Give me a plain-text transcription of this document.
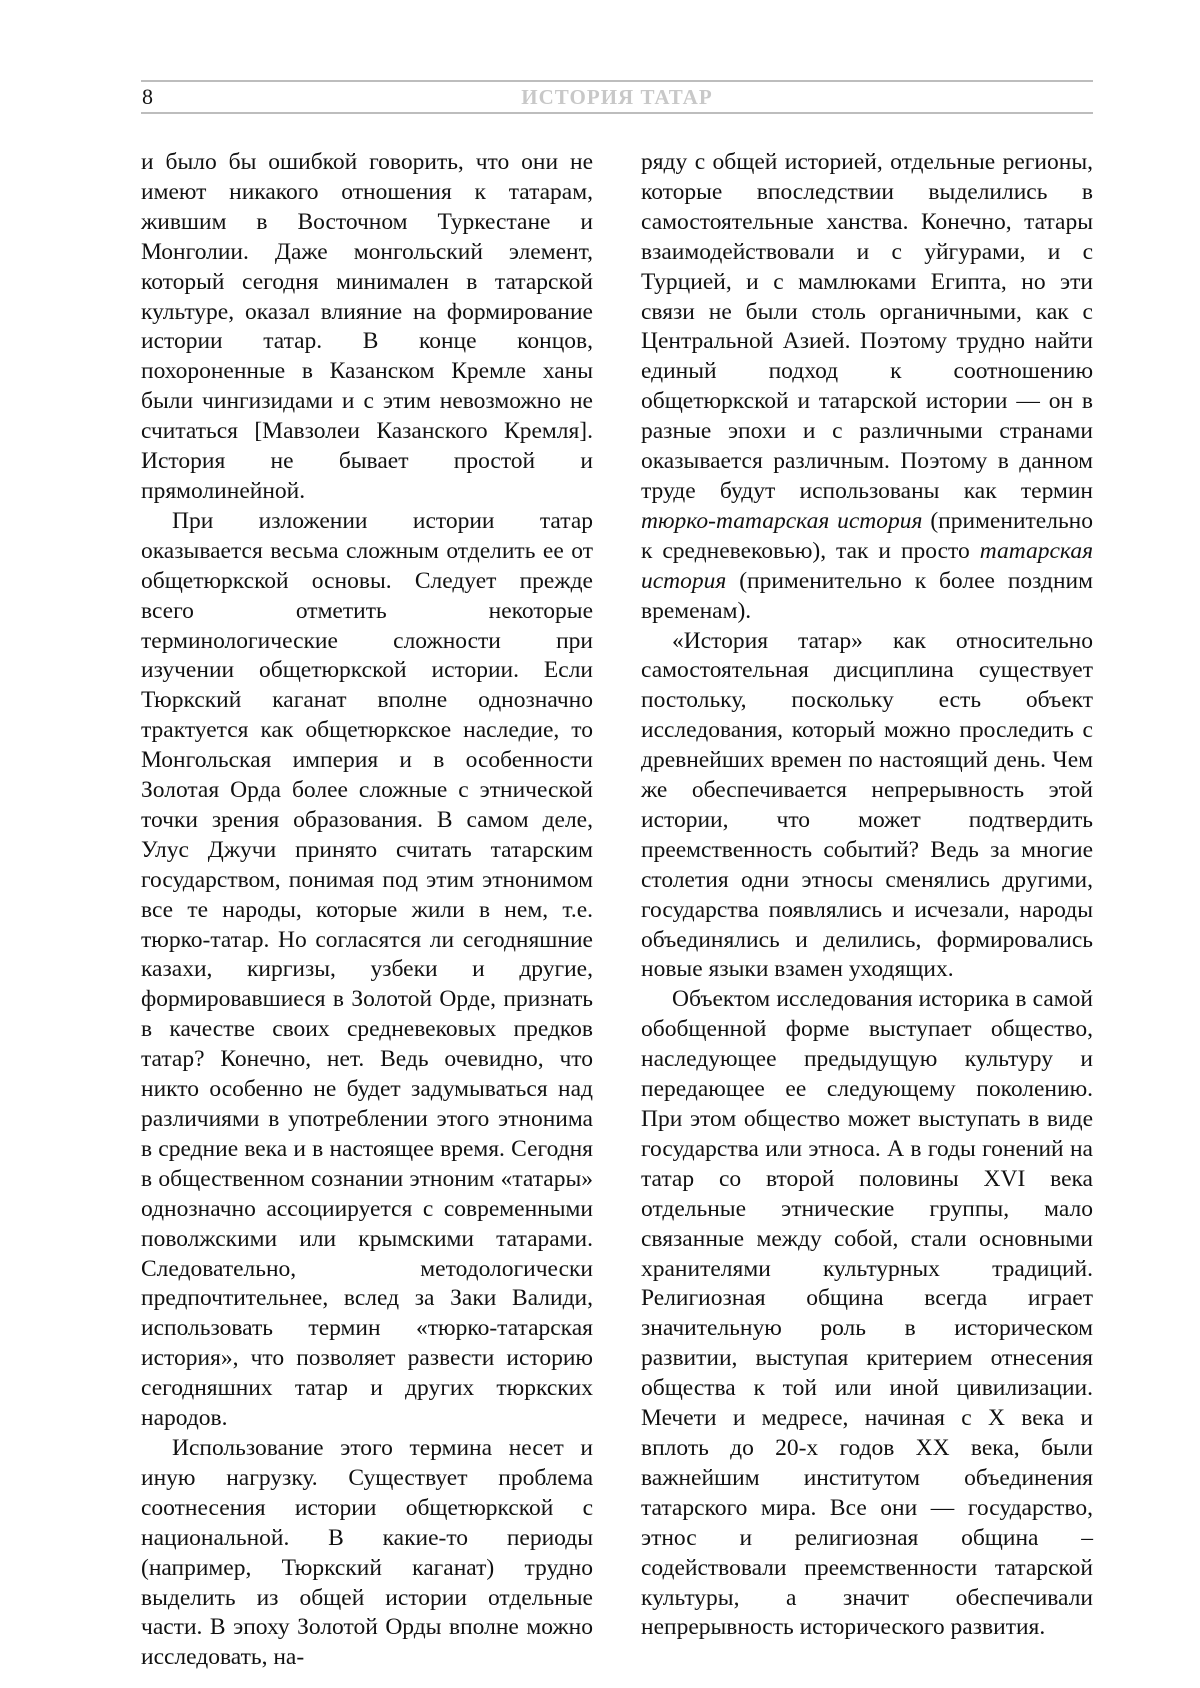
8	ИСТОРИЯ ТАТАР

и было бы ошибкой говорить, что они не имеют никакого отношения к татарам, жившим в Восточном Туркестане и Монголии. Даже монгольский элемент, который сегодня минимален в татарской культуре, оказал влияние на формирование истории татар. В конце концов, похороненные в Казанском Кремле ханы были чингизидами и с этим невозможно не считаться [Мавзолеи Казанского Кремля]. История не бывает простой и прямолинейной.

При изложении истории татар оказывается весьма сложным отделить ее от общетюркской основы. Следует прежде всего отметить некоторые терминологические сложности при изучении общетюркской истории. Если Тюркский каганат вполне однозначно трактуется как общетюркское наследие, то Монгольская империя и в особенности Золотая Орда более сложные с этнической точки зрения образования. В самом деле, Улус Джучи принято считать татарским государством, понимая под этим этнонимом все те народы, которые жили в нем, т.е. тюрко-татар. Но согласятся ли сегодняшние казахи, киргизы, узбеки и другие, формировавшиеся в Золотой Орде, признать в качестве своих средневековых предков татар? Конечно, нет. Ведь очевидно, что никто особенно не будет задумываться над различиями в употреблении этого этнонима в средние века и в настоящее время. Сегодня в общественном сознании этноним «татары» однозначно ассоциируется с современными поволжскими или крымскими татарами. Следовательно, методологически предпочтительнее, вслед за Заки Валиди, использовать термин «тюрко-татарская история», что позволяет развести историю сегодняшних татар и других тюркских народов.

Использование этого термина несет и иную нагрузку. Существует проблема соотнесения истории общетюркской с национальной. В какие-то периоды (например, Тюркский каганат) трудно выделить из общей истории отдельные части. В эпоху Золотой Орды вполне можно исследовать, на-

ряду с общей историей, отдельные регионы, которые впоследствии выделились в самостоятельные ханства. Конечно, татары взаимодействовали и с уйгурами, и с Турцией, и с мамлюками Египта, но эти связи не были столь органичными, как с Центральной Азией. Поэтому трудно найти единый подход к соотношению общетюркской и татарской истории — он в разные эпохи и с различными странами оказывается различным. Поэтому в данном труде будут использованы как термин тюрко-татарская история (применительно к средневековью), так и просто татарская история (применительно к более поздним временам).

«История татар» как относительно самостоятельная дисциплина существует постольку, поскольку есть объект исследования, который можно проследить с древнейших времен по настоящий день. Чем же обеспечивается непрерывность этой истории, что может подтвердить преемственность событий? Ведь за многие столетия одни этносы сменялись другими, государства появлялись и исчезали, народы объединялись и делились, формировались новые языки взамен уходящих.

Объектом исследования историка в самой обобщенной форме выступает общество, наследующее предыдущую культуру и передающее ее следующему поколению. При этом общество может выступать в виде государства или этноса. А в годы гонений на татар со второй половины XVI века отдельные этнические группы, мало связанные между собой, стали основными хранителями культурных традиций. Религиозная община всегда играет значительную роль в историческом развитии, выступая критерием отнесения общества к той или иной цивилизации. Мечети и медресе, начиная с X века и вплоть до 20-х годов XX века, были важнейшим институтом объединения татарского мира. Все они — государство, этнос и религиозная община – содействовали преемственности татарской культуры, а значит обеспечивали непрерывность исторического развития.
